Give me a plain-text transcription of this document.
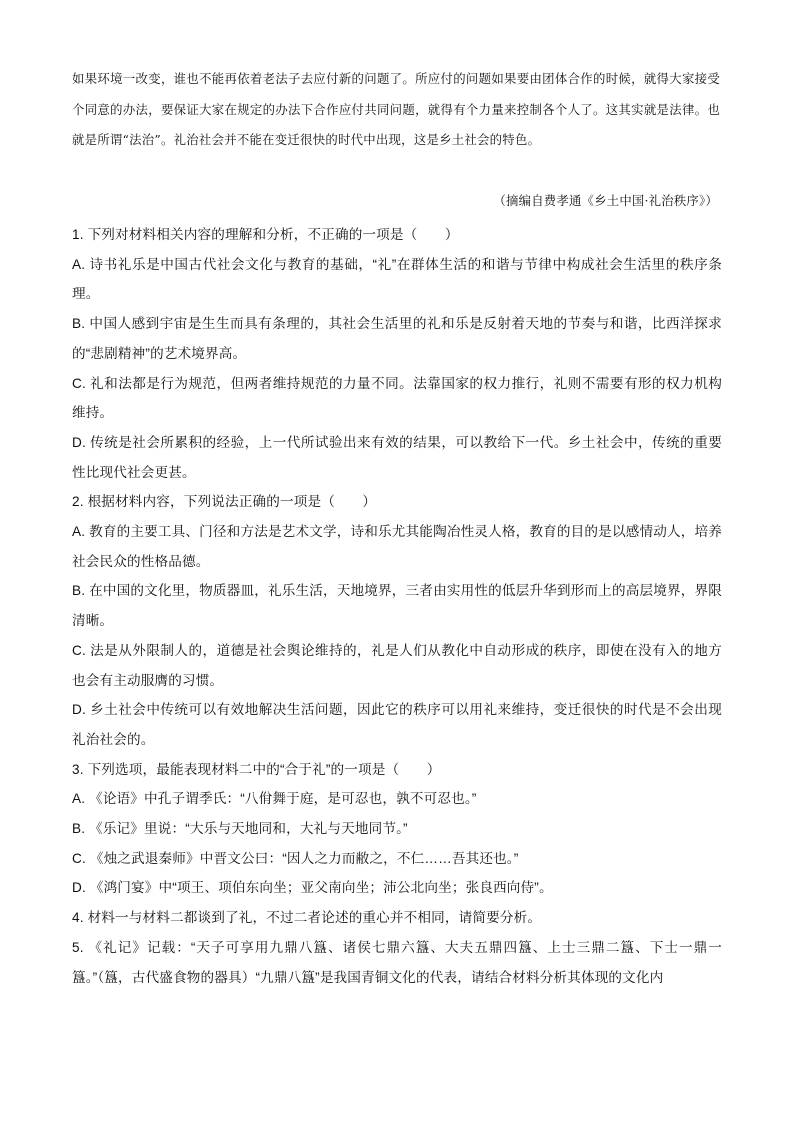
如果环境一改变，谁也不能再依着老法子去应付新的问题了。所应付的问题如果要由团体合作的时候，就得大家接受个同意的办法，要保证大家在规定的办法下合作应付共同问题，就得有个力量来控制各个人了。这其实就是法律。也就是所谓“法治”。礼治社会并不能在变迁很快的时代中出现，这是乡土社会的特色。

（摘编自费孝通《乡土中国·礼治秩序》）

1. 下列对材料相关内容的理解和分析，不正确的一项是（　　）

A. 诗书礼乐是中国古代社会文化与教育的基础，“礼”在群体生活的和谐与节律中构成社会生活里的秩序条理。

B. 中国人感到宇宙是生生而具有条理的，其社会生活里的礼和乐是反射着天地的节奏与和谐，比西洋探求的“悲剧精神”的艺术境界高。

C. 礼和法都是行为规范，但两者维持规范的力量不同。法靠国家的权力推行，礼则不需要有形的权力机构维持。

D. 传统是社会所累积的经验，上一代所试验出来有效的结果，可以教给下一代。乡土社会中，传统的重要性比现代社会更甚。

2. 根据材料内容，下列说法正确的一项是（　　）

A. 教育的主要工具、门径和方法是艺术文学，诗和乐尤其能陶冶性灵人格，教育的目的是以感情动人，培养社会民众的性格品德。

B. 在中国的文化里，物质器皿，礼乐生活，天地境界，三者由实用性的低层升华到形而上的高层境界，界限清晰。

C. 法是从外限制人的，道德是社会舆论维持的，礼是人们从教化中自动形成的秩序，即使在没有入的地方也会有主动服膺的习惯。

D. 乡土社会中传统可以有效地解决生活问题，因此它的秩序可以用礼来维持，变迁很快的时代是不会出现礼治社会的。

3. 下列选项，最能表现材料二中的“合于礼”的一项是（　　）

A. 《论语》中孔子谓季氏：“八佾舞于庭，是可忍也，孰不可忍也。”

B. 《乐记》里说：“大乐与天地同和，大礼与天地同节。”

C. 《烛之武退秦师》中晋文公曰：“因人之力而敝之，不仁……吾其还也。”

D. 《鸿门宴》中“项王、项伯东向坐；亚父南向坐；沛公北向坐；张良西向侍”。

4. 材料一与材料二都谈到了礼，不过二者论述的重心并不相同，请简要分析。

5. 《礼记》记载：“天子可享用九鼎八簋、诸侯七鼎六簋、大夫五鼎四簋、上士三鼎二簋、下士一鼎一簋。”（簋，古代盛食物的器具）“九鼎八簋”是我国青铜文化的代表，请结合材料分析其体现的文化内
